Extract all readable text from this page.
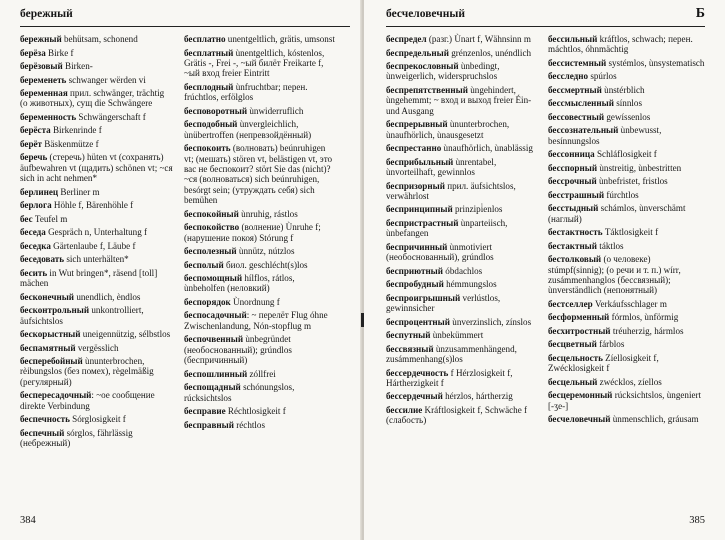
бережный

бережный behütsam, schonend

берёза Birke f

берёзовый Birken-

беременеть schwanger wërden vi

беременная прил. schwänger, trächtig (о животных), сущ die Schwängere

беременность Schwängerschaft f

берёста Birkenrinde f

берёт Bäskenmütze f

беречь (стеречь) hüten vt (сохранять) äufbewahren vt (щадить) schönen vt; ~ся sich in acht nehmen*

берлинец Berliner m

берлога Höhle f, Bärenhöhle f

бес Teufel m

беседа Gespräch n, Unterhaltung f

беседка Gärtenlaube f, Läube f

беседовать sich unterhälten*

бесить in Wut bringen*, räsend [toll] mächen

бесконечный unendlich, èndlos

бесконтрольный unkontrolliert, äufsichtslos

бескорыстный uneigennützig, sélbstlos

беспамятный vergësslich

бесперебойный ùnunterbrochen, rèibungslos (без помех), règelmäßig (регулярный)

беспересадочный: ~ое сообщение direkte Verbindung

беспечность Sórglosigkeit f

беспечный sórglos, fährlässig (небрежный)

бесплатно unentgeltlich, grätis, umsonst

бесплатный ùnentgeltlich, kóstenlos, Grätis -, Frei -, ~ый билёт Freikarte f, ~ый вход freier Eintritt

бесплодный ùnfruchtbar; перен. frúchtlos, erfölglos

бесповоротный ùnwiderruflich

бесподобный ùnvergleichlich, ùnübertroffen (непревзойдённый)

беспокоить (волновать) beúnruhigen vt; (мешать) stören vt, belästigen vt, это вас не беспокоит? stört Sie das (nicht)? ~ся (волноваться) sich beúnruhigen, besórgt sein; (утруждать себя) sich bemühen

беспокойный ùnruhig, rástlos

беспокойство (волнение) Ùnruhe f; (нарушение покоя) Stórung f

бесполезный ùnnütz, nútzlos

бесполый биол. geschlécht(s)los

беспомощный hílflos, rátlos, ùnbeholfen (неловкий)

беспорядок Ùnordnung f

беспосадочный: ~ перелёт Flug óhne Zwischenlandung, Nón-stopflug m

беспочвенный ùnbegründet (необоснованный); grúndlos (беспричинный)

беспошлинный zóllfrei

беспощадный schónungslos, rúcksichtslos

бесправие Réchtlosigkeit f

бесправный réchtlos

384
бесчеловечный	Б

беспредел (разг.) Ùnart f, Wähnsinn m

беспредельный grénzenlos, unéndlich

беспрекословный ùnbedingt, ùnweigerlich, widerspruchslos

беспрепятственный ùngehindert, ùngehemmt; ~ вход и выход freier Éin- und Ausgang

беспрерывный ùnunterbrochen, ùnaufhörlich, ùnausgesetzt

беспрестанно ùnaufhörlich, ùnablässig

бесприбыльный ùnrentabel, ùnvorteilhaft, gewinnlos

беспризорный прил. äufsichtslos, verwährlost

беспринципный prinzipi̇enlos

беспристрастный ùnparteiisch, ùnbefangen

беспричинный ùnmotiviert (необоснованный), grúndlos

бесприютный óbdachlos

беспробудный hémmungslos

беспроигрышный verlústlos, gewinnsicher

беспроцентный ùnverzinslich, zínslos

беспутный ùnbekümmert

бессвязный ùnzusammenhängend, zusámmenhang(s)los

бессердечность f Hérzlosigkeit f, Hártherzigkeit f

бессердечный hérzlos, hártherzig

бессилие Kráftlosigkeit f, Schwäche f (слабость)

бессильный kráftlos, schwach; перен. máchtlos, óhnmächtig

бессистемный systémlos, ùnsystematisch

бесследно spúrlos

бессмертный ùnstérblich

бессмысленный sínnlos

бессовестный gewíssenlos

бессознательный ùnbewusst, besínnungslos

бессонница Schláflosigkeit f

бесспорный ùnstreitig, ùnbestritten

бессрочный ùnbefristet, fristlos

бесстрашный fúrchtlos

бесстыдный schámlos, ùnverschämt (наглый)

бестактность Táktlosigkeit f

бестактный táktlos

бестолковый (о человеке) stúmpf(sinnig); (о речи и т. п.) wírr, zusámmenhanglos (бессвязный); ùnverständlich (непонятный)

бестселлер Verkáufsschlager m

бесформенный fórmlos, ùnförmig

бесхитростный tréuherzig, hármlos

бесцветный fárblos

бесцельность Zíellosigkeit f, Zwécklosigkeit f

бесцельный zwécklos, zíellos

бесцеремонный rúcksichtslos, ùngeniert [-ʒe-]

бесчеловечный ùnmenschlich, gráusam

385
